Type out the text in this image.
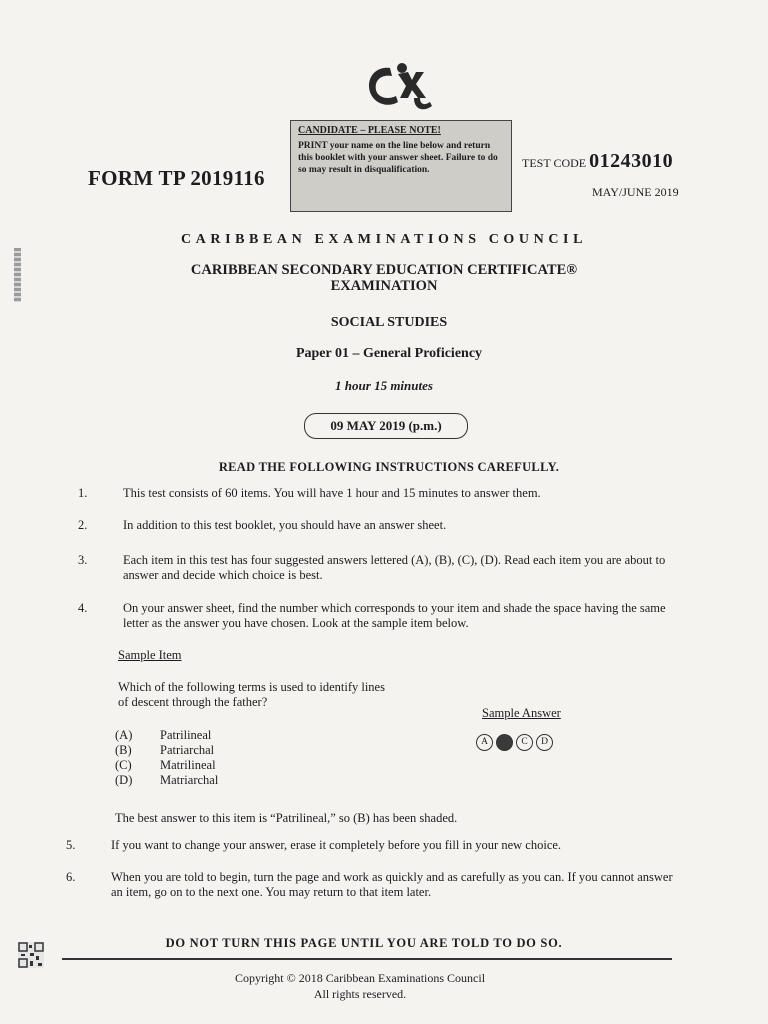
FORM TP 2019116
CANDIDATE – PLEASE NOTE!
PRINT your name on the line below and return this booklet with your answer sheet. Failure to do so may result in disqualification.	TEST CODE 01243010
MAY/JUNE 2019
CARIBBEAN EXAMINATIONS COUNCIL
CARIBBEAN SECONDARY EDUCATION CERTIFICATE®
EXAMINATION
SOCIAL STUDIES
Paper 01 – General Proficiency
1 hour 15 minutes
09 MAY 2019 (p.m.)
READ THE FOLLOWING INSTRUCTIONS CAREFULLY.
1.	This test consists of 60 items. You will have 1 hour and 15 minutes to answer them.
2.	In addition to this test booklet, you should have an answer sheet.
3.	Each item in this test has four suggested answers lettered (A), (B), (C), (D). Read each item you are about to answer and decide which choice is best.
4.	On your answer sheet, find the number which corresponds to your item and shade the space having the same letter as the answer you have chosen. Look at the sample item below.
Sample Item
Which of the following terms is used to identify lines of descent through the father?
(A)	Patrilineal
(B)	Patriarchal
(C)	Matrilineal
(D)	Matriarchal
Sample Answer
A	C	D
The best answer to this item is “Patrilineal,” so (B) has been shaded.
5.	If you want to change your answer, erase it completely before you fill in your new choice.
6.	When you are told to begin, turn the page and work as quickly and as carefully as you can. If you cannot answer an item, go on to the next one. You may return to that item later.
DO NOT TURN THIS PAGE UNTIL YOU ARE TOLD TO DO SO.
Copyright © 2018 Caribbean Examinations Council
All rights reserved.
